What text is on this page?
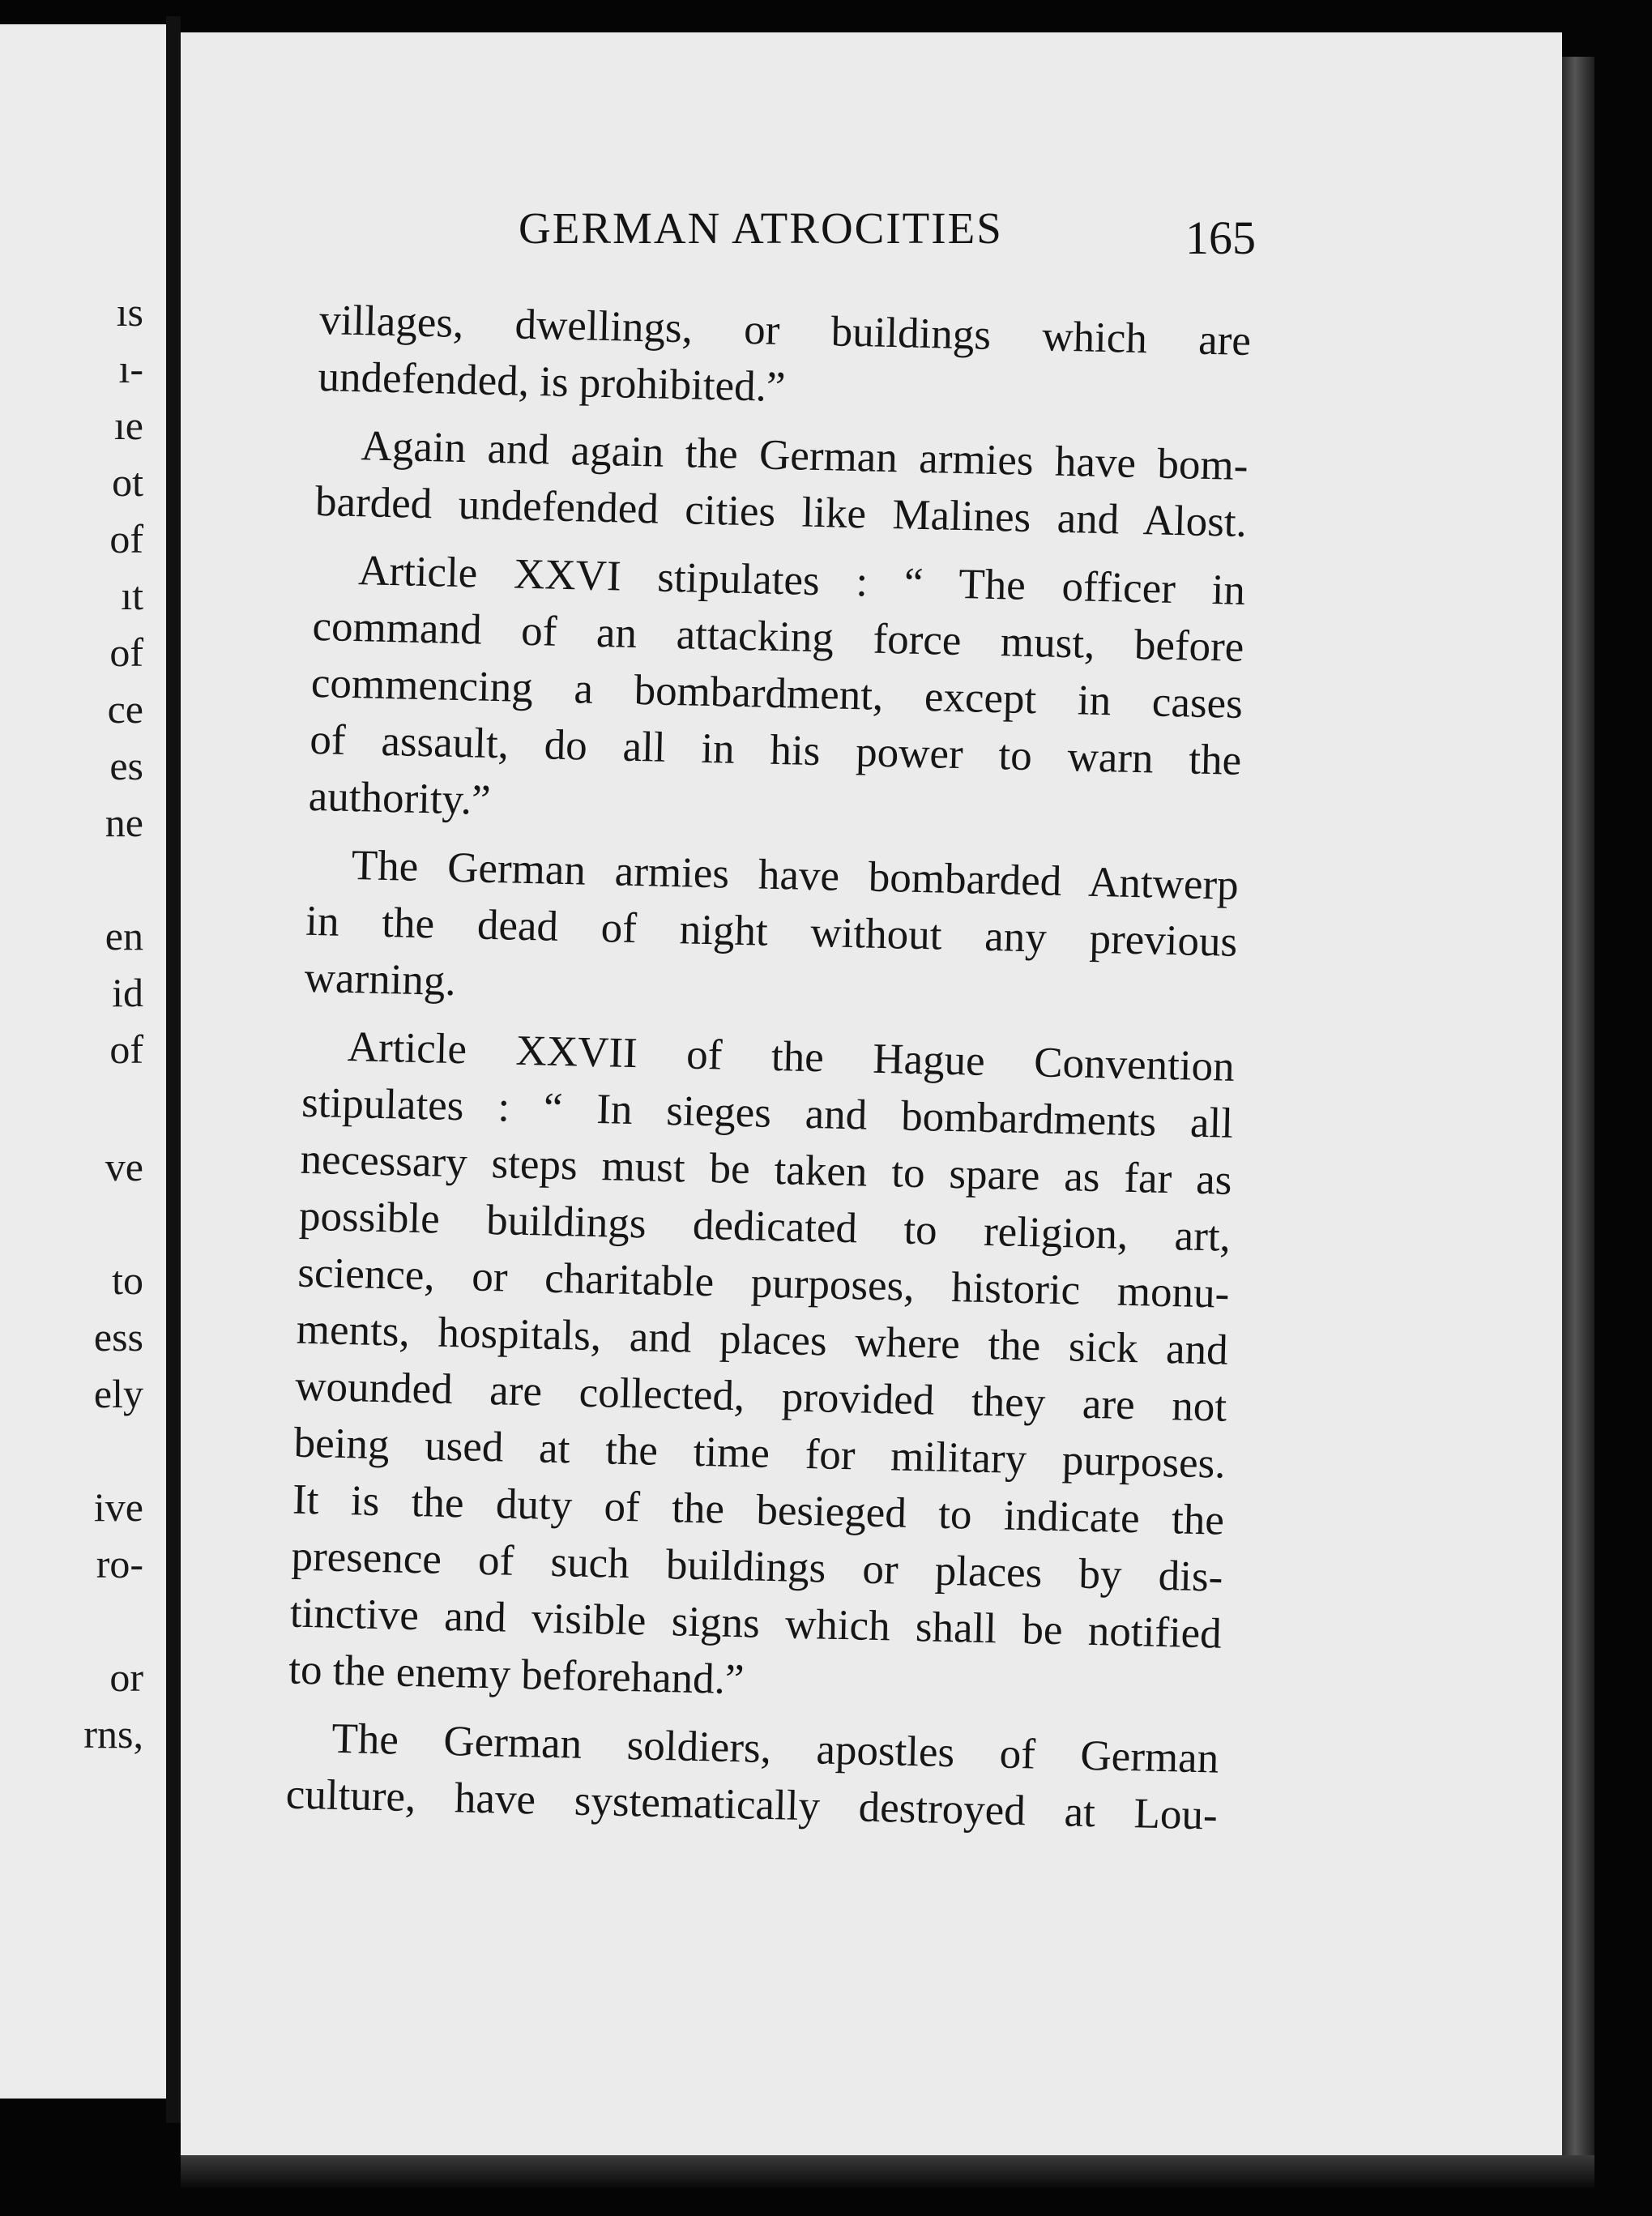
ıs
ı-
ıe
ot
of
ıt
of
ce
es
ne
en
id
of
ve
to
ess
ely
ive
ro-
or
rns,
GERMAN ATROCITIES	165
villages, dwellings, or buildings which are
undefended, is prohibited.”
Again and again the German armies have bom-
barded undefended cities like Malines and Alost.
Article XXVI stipulates : “ The officer in
command of an attacking force must, before
commencing a bombardment, except in cases
of assault, do all in his power to warn the
authority.”
The German armies have bombarded Antwerp
in the dead of night without any previous
warning.
Article XXVII of the Hague Convention
stipulates : “ In sieges and bombardments all
necessary steps must be taken to spare as far as
possible buildings dedicated to religion, art,
science, or charitable purposes, historic monu-
ments, hospitals, and places where the sick and
wounded are collected, provided they are not
being used at the time for military purposes.
It is the duty of the besieged to indicate the
presence of such buildings or places by dis-
tinctive and visible signs which shall be notified
to the enemy beforehand.”
The German soldiers, apostles of German
culture, have systematically destroyed at Lou-
